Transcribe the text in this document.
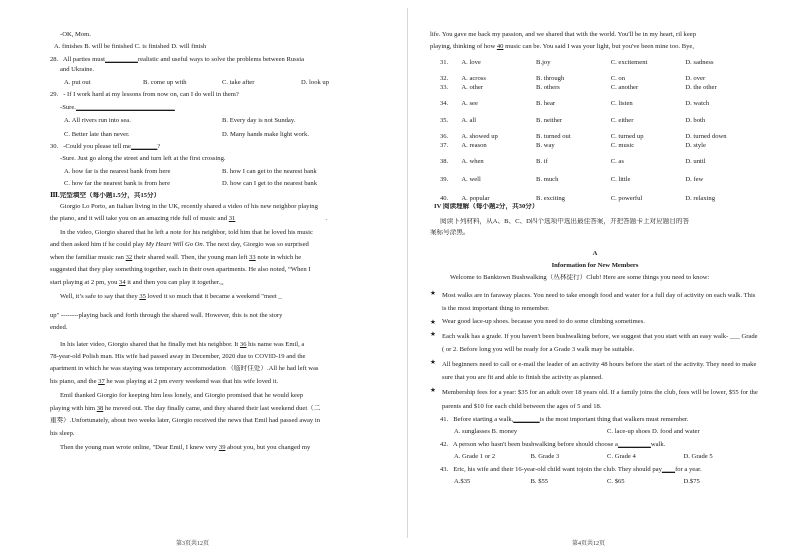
-OK, Mom.

A. finishes B. will be finished C. is finished D. will finish

28. All parties must__________realistic and useful ways to solve the problems between Russia

and Ukraine.

A. put out	B. come up with	C. take after	D. look up

29. - If I work hard at my lessons from now on, can I do well in them?

-Sure.______________________________

A. All rivers run into sea.	B. Every day is not Sunday.
C. Better late than never.	D. Many hands make light work.

30. -Could you please tell me________?

-Sure. Just go along the street and turn left at the first crossing.

A. how far is the nearest bank from here	B. how I can get to the nearest bank
C. how far the nearest bank is from here	D. how can I get to the nearest bank

Ⅲ.完型填空（每小题1.5分，共15分）

Giorgio Lo Porto, an Italian living in the UK, recently shared a video of his new neighbor playing

the piano, and it will take you on an amazing ride full of music and 31	.

In the video, Giorgio shared that he left a note for his neighbor, told him that he loved his music

and then asked him if he could play My Heart Will Go On. The next day, Giorgio was so surprised

when the familiar music ran 32 their shared wall. Then, the young man left 33 note in which he

suggested that they play something together, each in their own apartments. He also noted, “When I

start playing at 2 pm, you 34 it and then you can play it together.,,

Well, it’s safe to say that they 35 loved it so much that it became a weekend "meet _

up" --------playing back and forth through the shared wall. However, this is not the story

ended.

In his later video, Giorgio shared that he finally met his neighbor. It 36 his name was Emil, a

78-year-old Polish man. His wife had passed away in December, 2020 due to COVID-19 and the

apartment in which he was staying was temporary accommodation （临时住处）.All he had left was

his piano, and the 37 he was playing at 2 pm every weekend was that his wife loved it.

Emil thanked Giorgio for keeping him less lonely, and Giorgio promised that he would keep

playing with him 38 he moved out. The day finally came, and they shared their last weekend duet（二

重奏）.Unfortunately, about two weeks later, Giorgio received the news that Emil had passed away in

his sleep.

Then the young man wrote online, "Dear Emil, I knew very 39 about you, but you changed my

第3页共12页

life. You gave me back my passion, and we shared that with the world. You'll be in my heart, ril keep

playing, thinking of how 40 music can be. You said I was your light, but you've been mine too. Bye,

31.	A. love	B.joy	C. excitement	D. sadness
32.	A. across	B. through	C. on	D. over
33.	A. other	B. others	C. another	D. the other
34.	A. see	B. hear	C. listen	D. watch
35.	A. all	B. neither	C. either	D. both
36.	A. showed up	B. turned out	C. turned up	D. turned down
37.	A. reason	B. way	C. music	D. style
38.	A. when	B. if	C. as	D. until
39.	A. well	B. much	C. little	D. few
40.	A. popular	B. exciting	C. powerful	D. relaxing

IV 阅读理解（每小题2分，共30分）

阅读下列材料，从A、B、C、D四个选项中选出最佳答案，并把答题卡上对应题目的答

案标号涂黑。

A

Information for New Members

Welcome to Banktown Bushwalking（丛林徒行）Club! Here are some things you need to know:

★ Most walks are in faraway places. You need to take enough food and water for a full day of activity on each walk. This is the most important thing to remember.
★ Wear good lace-up shoes. because you need to do some climbing sometimes.
★ Each walk has a grade. If you haven't been bushwalking before, we suggest that you start with an easy walk- ___ Grade ( or 2. Before long you will be ready for a Grade 3 walk may be suitable.
★ All beginners need to call or e-mail the leader of an activity 48 hours before the start of the activity. They need to make sure that you are fit and able to finish the activity as planned.
★ Membership fees for a year: $35 for an adult over 18 years old. If a family joins the club, fees will be lower, $55 for the parents and $10 for each child between the ages of 5 and 18.

41. Before starting a walk,________is the most important thing that walkers must remember.

A. sunglasses B. money	C. lace-up shoes D. food and water

42. A person who hasn't been bushwalking before should choose a__________walk.

A. Grade 1 or 2	B. Grade 3	C. Grade 4	D. Grade 5

43. Eric, his wife and their 16-year-old child want tojoin the club. They should pay____for a year.

A.$35	B. $55	C. $65	D.$75
第4页共12页
